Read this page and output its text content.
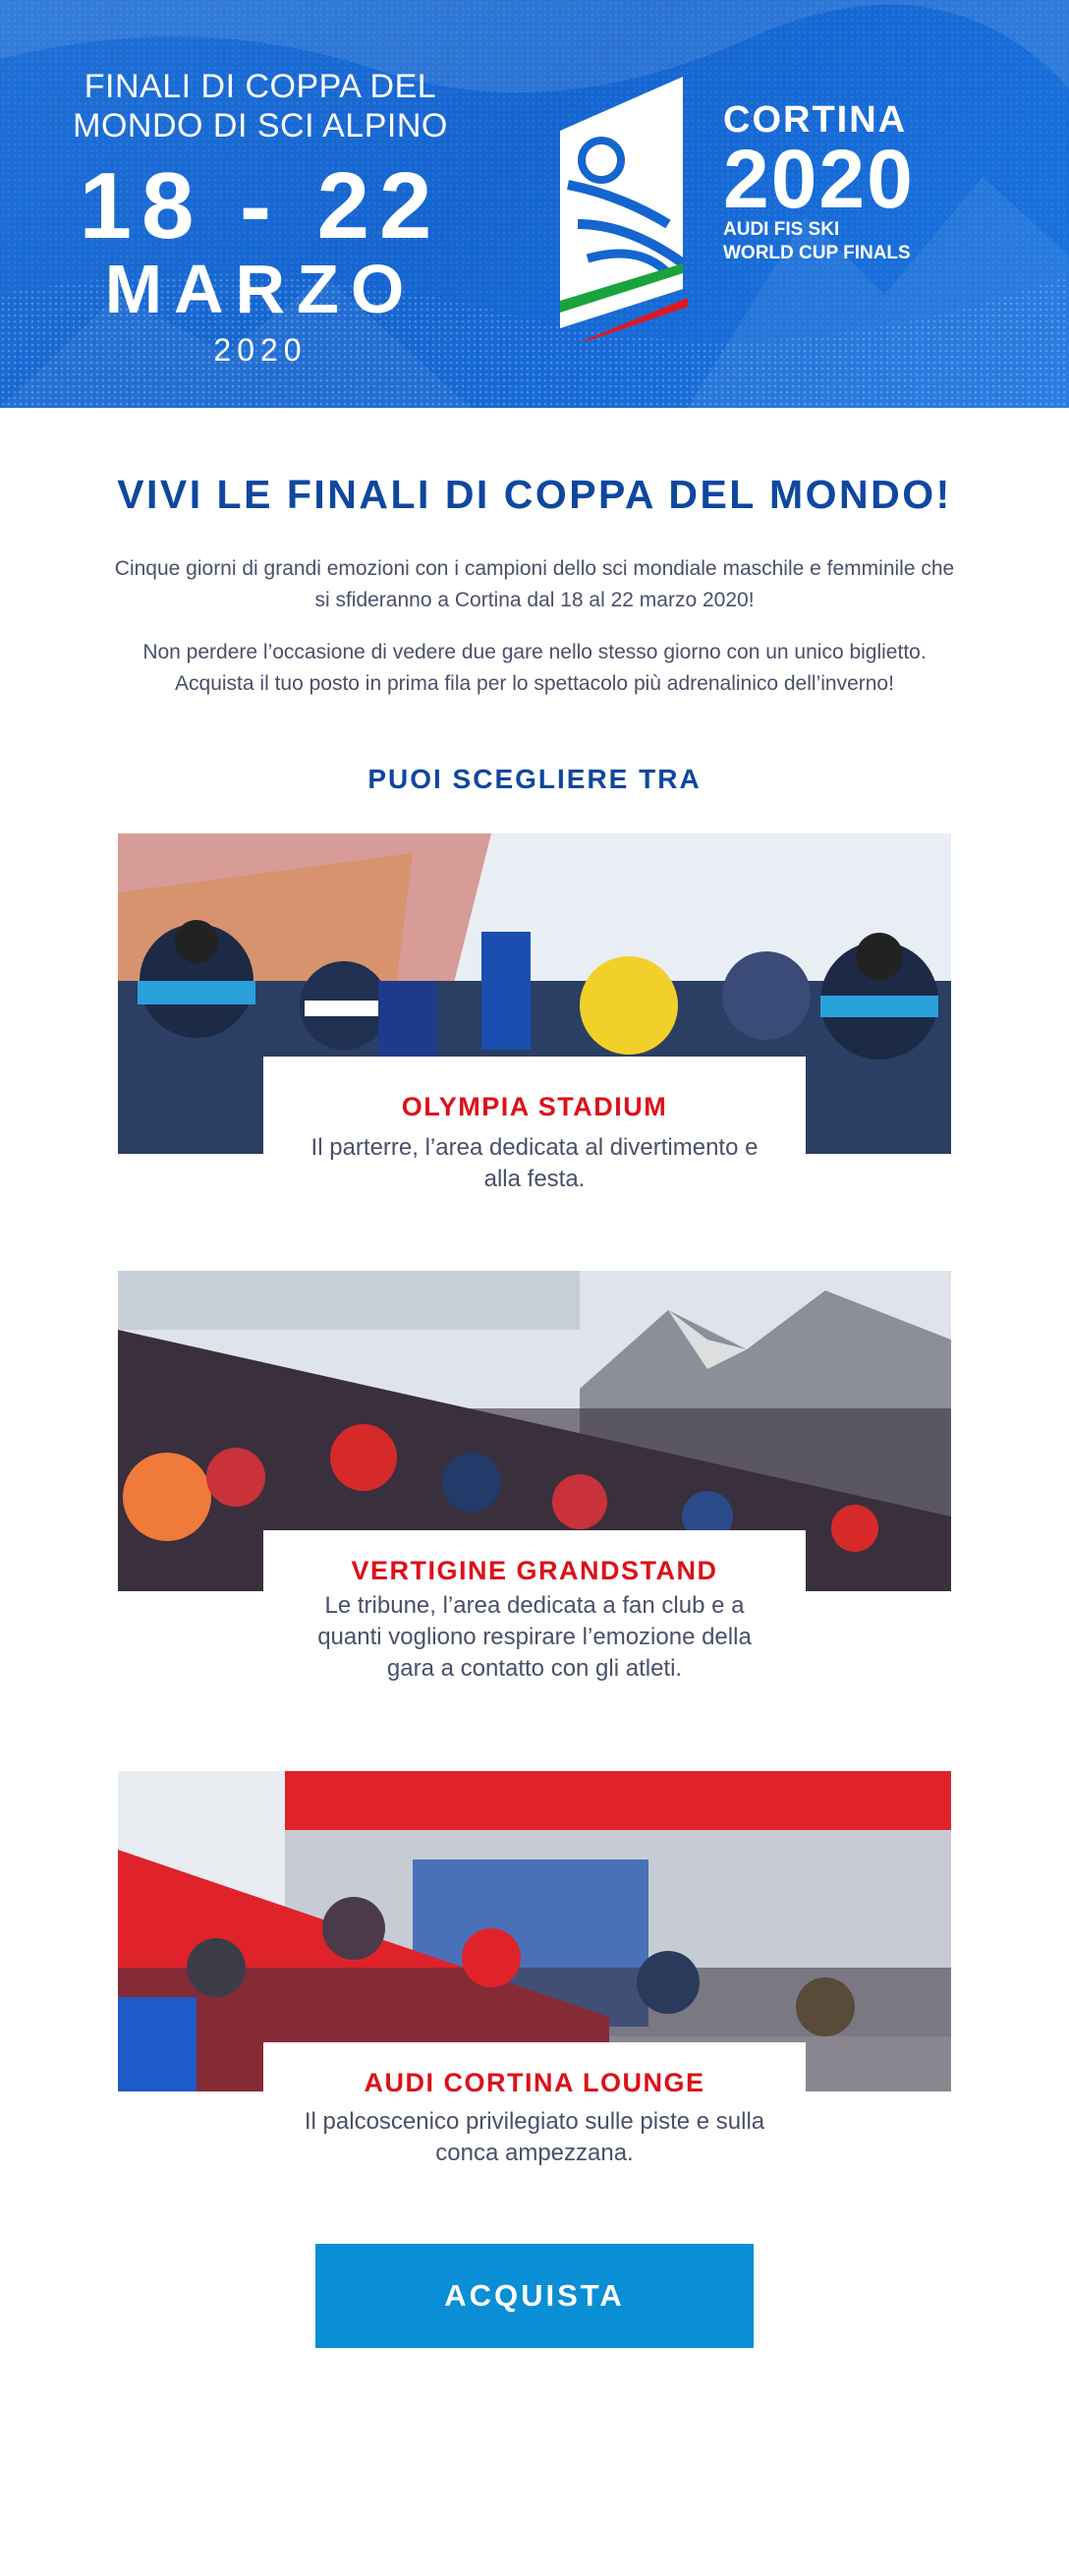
FINALI DI COPPA DEL
MONDO DI SCI ALPINO
18 - 22
MARZO
2020
CORTINA
2020
AUDI FIS SKI
WORLD CUP FINALS
VIVI LE FINALI DI COPPA DEL MONDO!
Cinque giorni di grandi emozioni con i campioni dello sci mondiale maschile e femminile che si sfideranno a Cortina dal 18 al 22 marzo 2020!
Non perdere l’occasione di vedere due gare nello stesso giorno con un unico biglietto. Acquista il tuo posto in prima fila per lo spettacolo più adrenalinico dell’inverno!
PUOI SCEGLIERE TRA
OLYMPIA STADIUM
Il parterre, l’area dedicata al divertimento e alla festa.
VERTIGINE GRANDSTAND
Le tribune, l’area dedicata a fan club e a quanti vogliono respirare l’emozione della gara a contatto con gli atleti.
AUDI CORTINA LOUNGE
Il palcoscenico privilegiato sulle piste e sulla conca ampezzana.
ACQUISTA
